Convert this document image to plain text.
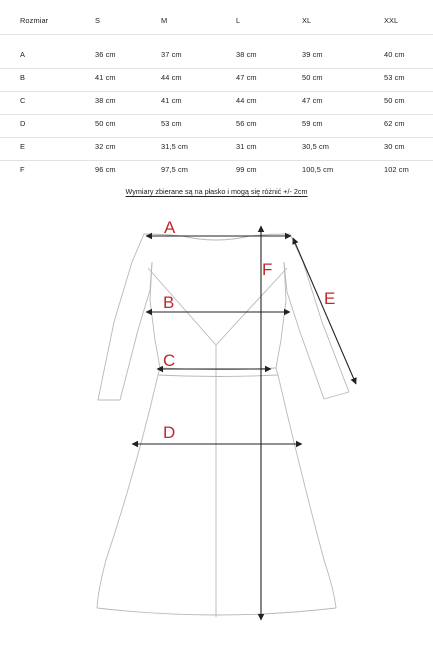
Rozmiar	S	M	L	XL	XXL
A	36 cm	37 cm	38 cm	39 cm	40 cm
B	41 cm	44 cm	47 cm	50 cm	53 cm
C	38 cm	41 cm	44 cm	47 cm	50 cm
D	50 cm	53 cm	56 cm	59 cm	62 cm
E	32 cm	31,5 cm	31 cm	30,5 cm	30 cm
F	96 cm	97,5 cm	99 cm	100,5 cm	102 cm
Wymiary zbierane są na płasko i mogą się różnić +/- 2cm
A
B
C
D
E
F
